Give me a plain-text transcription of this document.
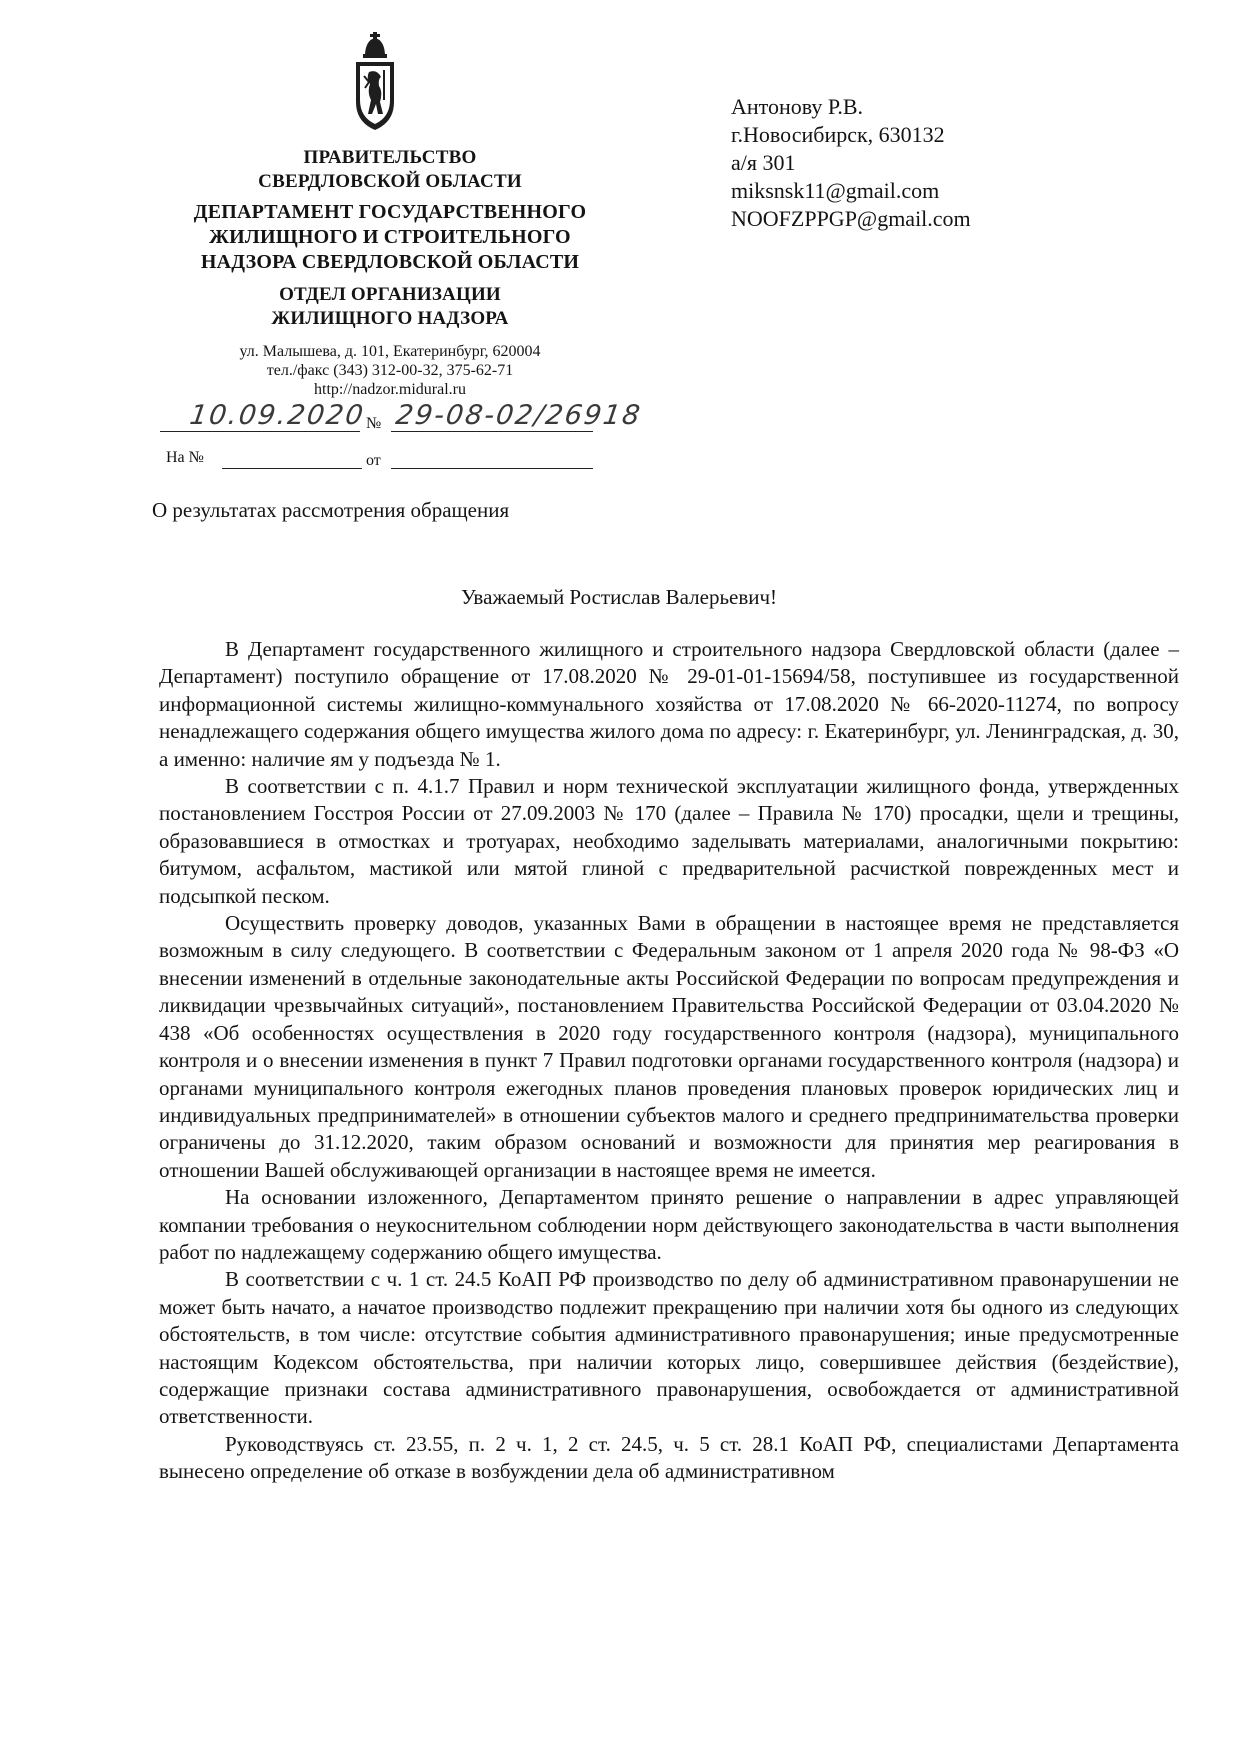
ПРАВИТЕЛЬСТВО
СВЕРДЛОВСКОЙ ОБЛАСТИ
ДЕПАРТАМЕНТ ГОСУДАРСТВЕННОГО
ЖИЛИЩНОГО И СТРОИТЕЛЬНОГО
НАДЗОРА СВЕРДЛОВСКОЙ ОБЛАСТИ
ОТДЕЛ ОРГАНИЗАЦИИ
ЖИЛИЩНОГО НАДЗОРА
ул. Малышева, д. 101, Екатеринбург, 620004
тел./факс (343) 312-00-32, 375-62-71
http://nadzor.midural.ru
10.09.2020 № 29-08-02/26918
На №	от
Антонову Р.В.
г.Новосибирск, 630132
а/я 301
miksnsk11@gmail.com
NOOFZPPGP@gmail.com
О результатах рассмотрения обращения
Уважаемый Ростислав Валерьевич!

В Департамент государственного жилищного и строительного надзора Свердловской области (далее – Департамент) поступило обращение от 17.08.2020 № 29-01-01-15694/58, поступившее из государственной информационной системы жилищно-коммунального хозяйства от 17.08.2020 № 66-2020-11274, по вопросу ненадлежащего содержания общего имущества жилого дома по адресу: г. Екатеринбург, ул. Ленинградская, д. 30, а именно: наличие ям у подъезда № 1.

В соответствии с п. 4.1.7 Правил и норм технической эксплуатации жилищного фонда, утвержденных постановлением Госстроя России от 27.09.2003 № 170 (далее – Правила № 170) просадки, щели и трещины, образовавшиеся в отмостках и тротуарах, необходимо заделывать материалами, аналогичными покрытию: битумом, асфальтом, мастикой или мятой глиной с предварительной расчисткой поврежденных мест и подсыпкой песком.

Осуществить проверку доводов, указанных Вами в обращении в настоящее время не представляется возможным в силу следующего. В соответствии с Федеральным законом от 1 апреля 2020 года № 98-ФЗ «О внесении изменений в отдельные законодательные акты Российской Федерации по вопросам предупреждения и ликвидации чрезвычайных ситуаций», постановлением Правительства Российской Федерации от 03.04.2020 № 438 «Об особенностях осуществления в 2020 году государственного контроля (надзора), муниципального контроля и о внесении изменения в пункт 7 Правил подготовки органами государственного контроля (надзора) и органами муниципального контроля ежегодных планов проведения плановых проверок юридических лиц и индивидуальных предпринимателей» в отношении субъектов малого и среднего предпринимательства проверки ограничены до 31.12.2020, таким образом оснований и возможности для принятия мер реагирования в отношении Вашей обслуживающей организации в настоящее время не имеется.

На основании изложенного, Департаментом принято решение о направлении в адрес управляющей компании требования о неукоснительном соблюдении норм действующего законодательства в части выполнения работ по надлежащему содержанию общего имущества.

В соответствии с ч. 1 ст. 24.5 КоАП РФ производство по делу об административном правонарушении не может быть начато, а начатое производство подлежит прекращению при наличии хотя бы одного из следующих обстоятельств, в том числе: отсутствие события административного правонарушения; иные предусмотренные настоящим Кодексом обстоятельства, при наличии которых лицо, совершившее действия (бездействие), содержащие признаки состава административного правонарушения, освобождается от административной ответственности.

Руководствуясь ст. 23.55, п. 2 ч. 1, 2 ст. 24.5, ч. 5 ст. 28.1 КоАП РФ, специалистами Департамента вынесено определение об отказе в возбуждении дела об административном
